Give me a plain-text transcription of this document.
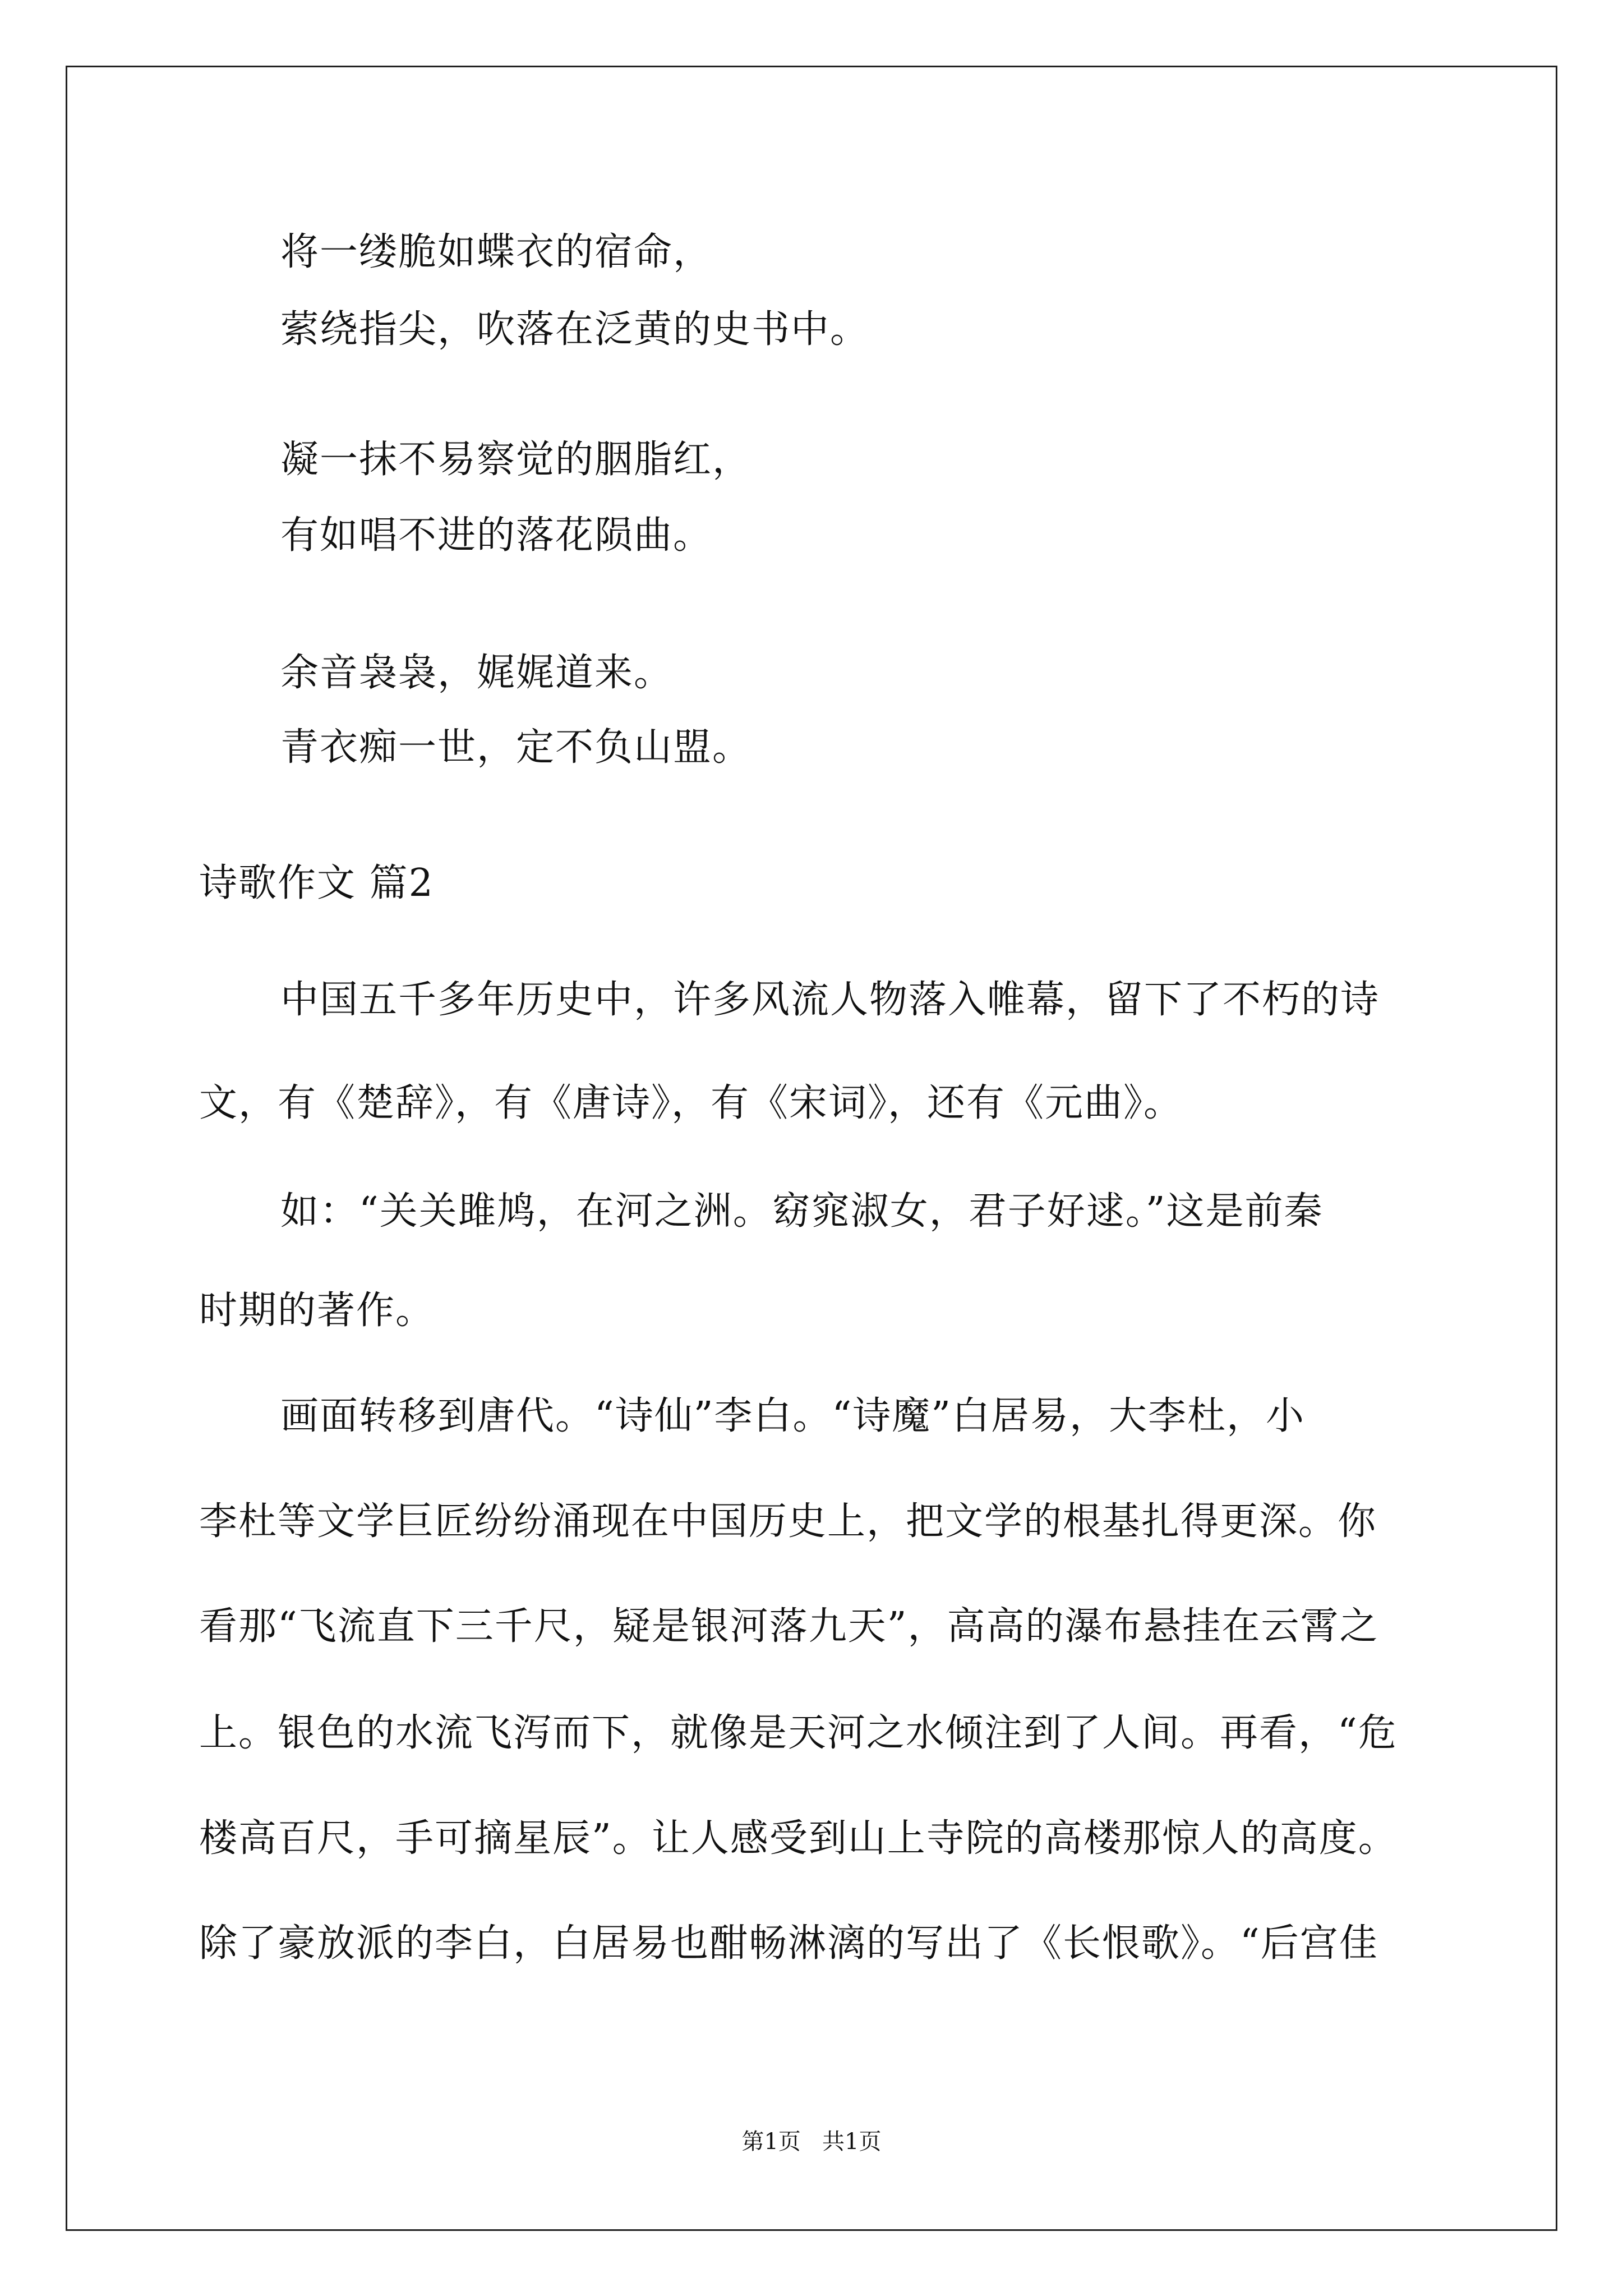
将一缕脆如蝶衣的宿命，
萦绕指尖，吹落在泛黄的史书中。
凝一抹不易察觉的胭脂红，
有如唱不进的落花陨曲。
余音袅袅，娓娓道来。
青衣痴一世，定不负山盟。
诗歌作文 篇2
中国五千多年历史中，许多风流人物落入帷幕，留下了不朽的诗
文，有《楚辞》，有《唐诗》，有《宋词》，还有《元曲》。
如：“关关雎鸠，在河之洲。窈窕淑女，君子好逑。”这是前秦
时期的著作。
画面转移到唐代。“诗仙”李白。“诗魔”白居易，大李杜，小
李杜等文学巨匠纷纷涌现在中国历史上，把文学的根基扎得更深。你
看那“飞流直下三千尺，疑是银河落九天”，高高的瀑布悬挂在云霄之
上。银色的水流飞泻而下，就像是天河之水倾注到了人间。再看，“危
楼高百尺，手可摘星辰”。让人感受到山上寺院的高楼那惊人的高度。
除了豪放派的李白，白居易也酣畅淋漓的写出了《长恨歌》。“后宫佳
第1页   共1页
